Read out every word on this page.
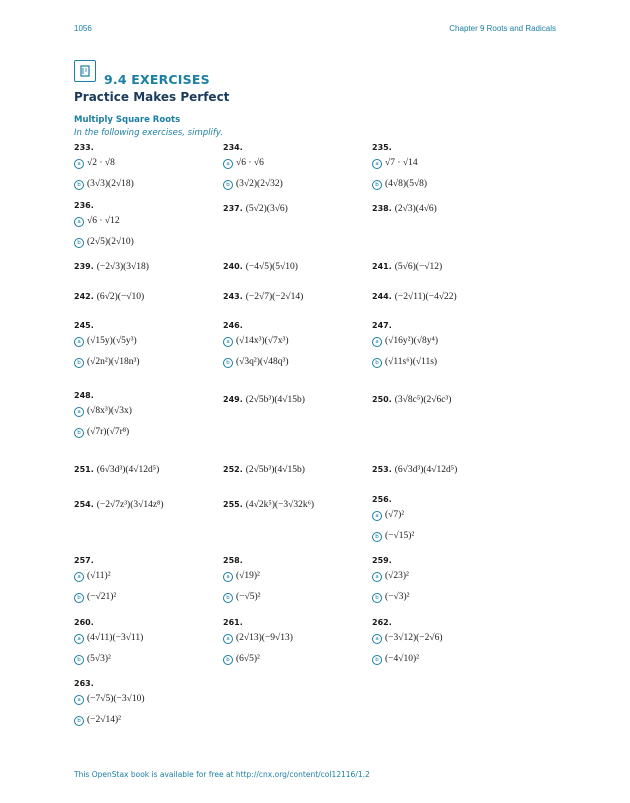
1056	Chapter 9 Roots and Radicals
9.4 EXERCISES
Practice Makes Perfect
Multiply Square Roots
In the following exercises, simplify.
233.
a √2 · √8
b (3√3)(2√18)
234.
a √6 · √6
b (3√2)(2√32)
235.
a √7 · √14
b (4√8)(5√8)
236.
a √6 · √12
b (2√5)(2√10)
237. (5√2)(3√6)	238. (2√3)(4√6)
239. (−2√3)(3√18)	240. (−4√5)(5√10)	241. (5√6)(−√12)
242. (6√2)(−√10)	243. (−2√7)(−2√14)	244. (−2√11)(−4√22)
245.
a (√15y)(√5y³)
b (√2n²)(√18n³)
246.
a (√14x³)(√7x³)
b (√3q²)(√48q³)
247.
a (√16y²)(√8y⁴)
b (√11s⁶)(√11s)
248.
a (√8x³)(√3x)
b (√7r)(√7r⁸)
249. (2√5b³)(4√15b)	250. (3√8c⁵)(2√6c³)
251. (6√3d³)(4√12d⁵)	252. (2√5b³)(4√15b)	253. (6√3d³)(4√12d⁵)
254. (−2√7z³)(3√14z⁸)	255. (4√2k⁵)(−3√32k⁶)
256.
a (√7)²
b (−√15)²
257.
a (√11)²
b (−√21)²
258.
a (√19)²
b (−√5)²
259.
a (√23)²
b (−√3)²
260.
a (4√11)(−3√11)
b (5√3)²
261.
a (2√13)(−9√13)
b (6√5)²
262.
a (−3√12)(−2√6)
b (−4√10)²
263.
a (−7√5)(−3√10)
b (−2√14)²
This OpenStax book is available for free at http://cnx.org/content/col12116/1.2
